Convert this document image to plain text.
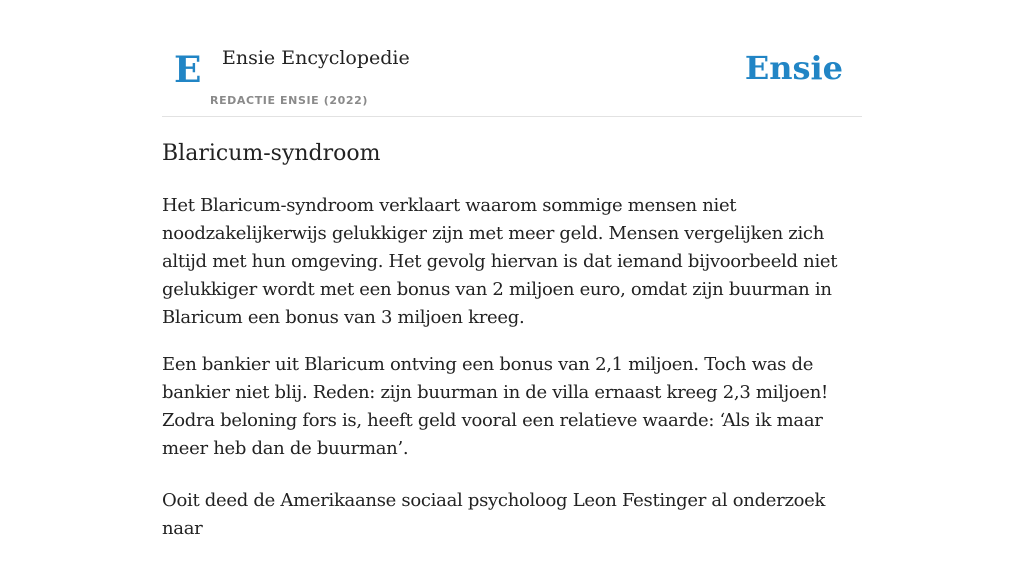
E Ensie Encyclopedie
REDACTIE ENSIE (2022)
Ensie
Blaricum-syndroom

Het Blaricum-syndroom verklaart waarom sommige mensen niet noodzakelijkerwijs gelukkiger zijn met meer geld. Mensen vergelijken zich altijd met hun omgeving. Het gevolg hiervan is dat iemand bijvoorbeeld niet gelukkiger wordt met een bonus van 2 miljoen euro, omdat zijn buurman in Blaricum een bonus van 3 miljoen kreeg.

Een bankier uit Blaricum ontving een bonus van 2,1 miljoen. Toch was de bankier niet blij. Reden: zijn buurman in de villa ernaast kreeg 2,3 miljoen! Zodra beloning fors is, heeft geld vooral een relatieve waarde: ‘Als ik maar meer heb dan de buurman’.

Ooit deed de Amerikaanse sociaal psycholoog Leon Festinger al onderzoek naar
